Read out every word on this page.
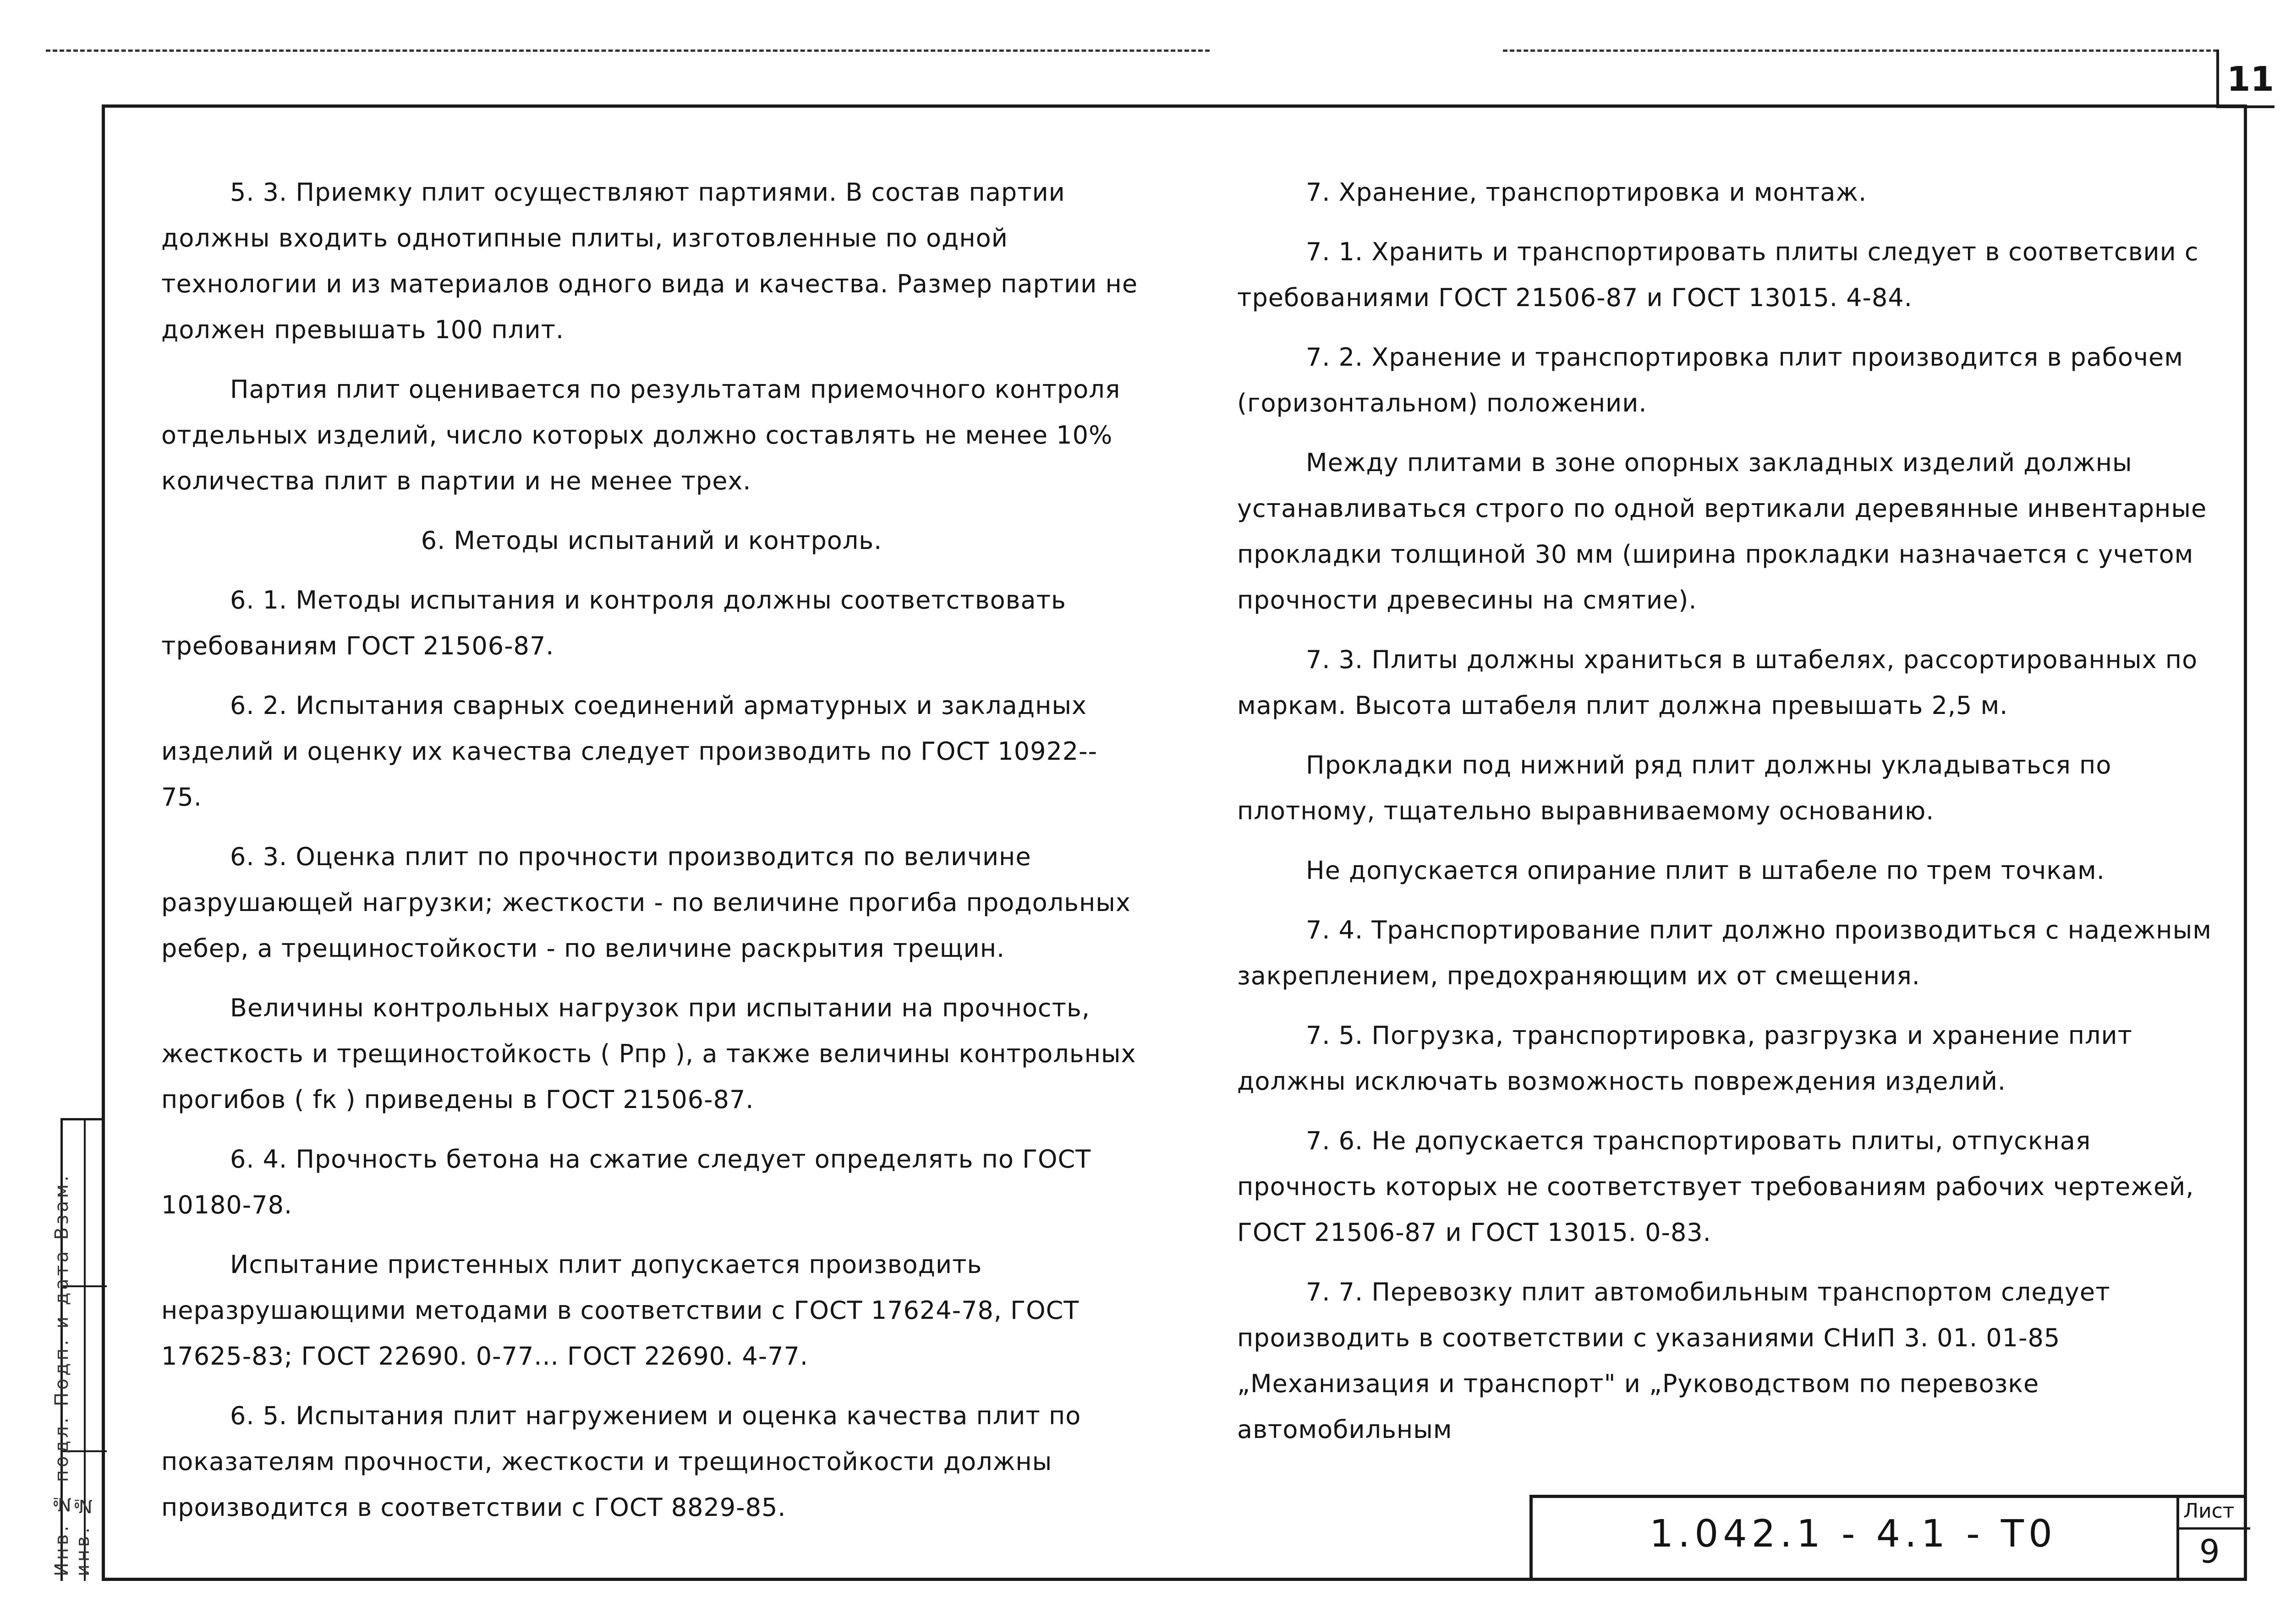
11
Инв. № подл. Подп. и дата Взам. инв. №

5. 3. Приемку плит осуществляют партиями. В состав партии должны входить однотипные плиты, изготовленные по одной технологии и из материалов одного вида и качества. Размер партии не должен превышать 100 плит.

Партия плит оценивается по результатам приемочного контроля отдельных изделий, число которых должно составлять не менее 10% количества плит в партии и не менее трех.

6. Методы испытаний и контроль.

6. 1. Методы испытания и контроля должны соответствовать требованиям ГОСТ 21506-87.

6. 2. Испытания сварных соединений арматурных и закладных изделий и оценку их качества следует производить по ГОСТ 10922-- 75.

6. 3. Оценка плит по прочности производится по величине разрушающей нагрузки; жесткости - по величине прогиба продольных ребер, а трещиностойкости - по величине раскрытия трещин.

Величины контрольных нагрузок при испытании на прочность, жесткость и трещиностойкость ( Рпр ), а также величины контрольных прогибов ( fк ) приведены в ГОСТ 21506-87.

6. 4. Прочность бетона на сжатие следует определять по ГОСТ 10180-78.

Испытание пристенных плит допускается производить неразрушающими методами в соответствии с ГОСТ 17624-78, ГОСТ 17625-83; ГОСТ 22690. 0-77... ГОСТ 22690. 4-77.

6. 5. Испытания плит нагружением и оценка качества плит по показателям прочности, жесткости и трещиностойкости должны производится в соответствии с ГОСТ 8829-85.

7. Хранение, транспортировка и монтаж.

7. 1. Хранить и транспортировать плиты следует в соответсвии с требованиями ГОСТ 21506-87 и ГОСТ 13015. 4-84.

7. 2. Хранение и транспортировка плит производится в рабочем (горизонтальном) положении.

Между плитами в зоне опорных закладных изделий должны устанавливаться строго по одной вертикали деревянные инвентарные прокладки толщиной 30 мм (ширина прокладки назначается с учетом прочности древесины на смятие).

7. 3. Плиты должны храниться в штабелях, рассортированных по маркам. Высота штабеля плит должна превышать 2,5 м.

Прокладки под нижний ряд плит должны укладываться по плотному, тщательно выравниваемому основанию.

Не допускается опирание плит в штабеле по трем точкам.

7. 4. Транспортирование плит должно производиться с надежным закреплением, предохраняющим их от смещения.

7. 5. Погрузка, транспортировка, разгрузка и хранение плит должны исключать возможность повреждения изделий.

7. 6. Не допускается транспортировать плиты, отпускная прочность которых не соответствует требованиям рабочих чертежей, ГОСТ 21506-87 и ГОСТ 13015. 0-83.

7. 7. Перевозку плит автомобильным транспортом следует производить в соответствии с указаниями СНиП 3. 01. 01-85 „Механизация и транспорт" и „Руководством по перевозке автомобильным

1.042.1 - 4.1 - Т0
Лист
9
